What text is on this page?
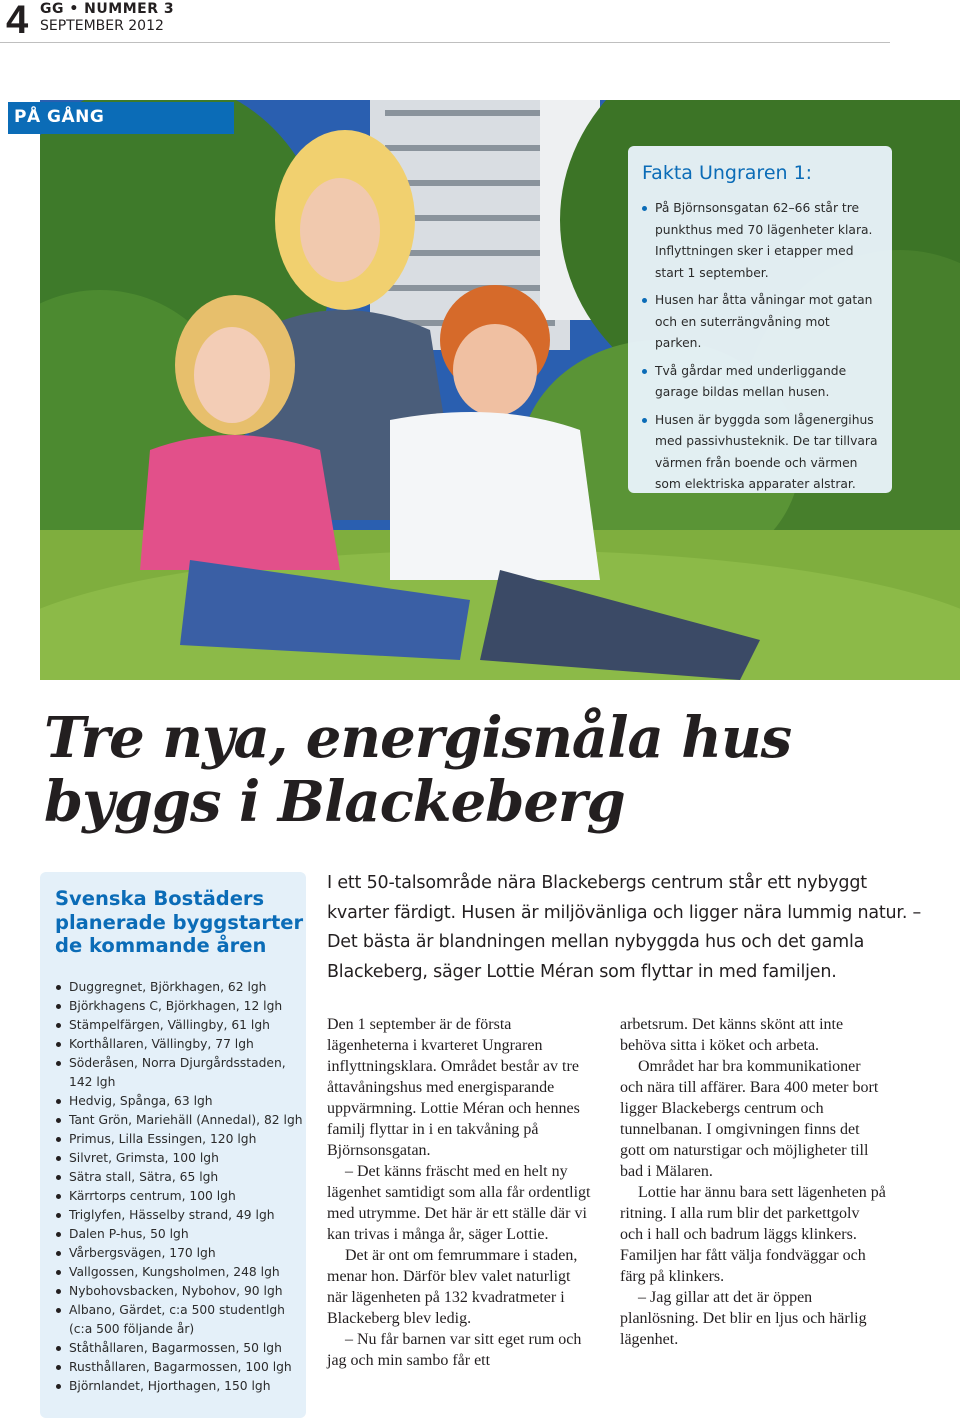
4 GG • NUMMER 3
SEPTEMBER 2012
PÅ GÅNG
Fakta Ungraren 1:
På Björnsonsgatan 62–66 står tre punkthus med 70 lägenheter klara. Inflyttningen sker i etapper med start 1 september.
Husen har åtta våningar mot gatan och en suterrängvåning mot parken.
Två gårdar med underliggande garage bildas mellan husen.
Husen är byggda som lågenergihus med passivhusteknik. De tar tillvara värmen från boende och värmen som elektriska apparater alstrar.
Tre nya, energisnåla hus
byggs i Blackeberg
Svenska Bostäders planerade byggstarter de kommande åren
Duggregnet, Björkhagen, 62 lgh
Björkhagens C, Björkhagen, 12 lgh
Stämpelfärgen, Vällingby, 61 lgh
Korthållaren, Vällingby, 77 lgh
Söderåsen, Norra Djurgårdsstaden, 142 lgh
Hedvig, Spånga, 63 lgh
Tant Grön, Mariehäll (Annedal), 82 lgh
Primus, Lilla Essingen, 120 lgh
Silvret, Grimsta, 100 lgh
Sätra stall, Sätra, 65 lgh
Kärrtorps centrum, 100 lgh
Triglyfen, Hässelby strand, 49 lgh
Dalen P-hus, 50 lgh
Vårbergsvägen, 170 lgh
Vallgossen, Kungsholmen, 248 lgh
Nybohovsbacken, Nybohov, 90 lgh
Albano, Gärdet, c:a 500 studentlgh (c:a 500 följande år)
Ståthållaren, Bagarmossen, 50 lgh
Rusthållaren, Bagarmossen, 100 lgh
Björnlandet, Hjorthagen, 150 lgh
I ett 50-talsområde nära Blackebergs centrum står ett nybyggt kvarter färdigt. Husen är miljövänliga och ligger nära lummig natur. – Det bästa är blandningen mellan nybyggda hus och det gamla Blackeberg, säger Lottie Méran som flyttar in med familjen.

Den 1 september är de första lägenheterna i kvarteret Ungraren inflyttningsklara. Området består av tre åttavåningshus med energisparande uppvärmning. Lottie Méran och hennes familj flyttar in i en takvåning på Björnsonsgatan.

– Det känns fräscht med en helt ny lägenhet samtidigt som alla får ordentligt med utrymme. Det här är ett ställe där vi kan trivas i många år, säger Lottie.

Det är ont om femrummare i staden, menar hon. Därför blev valet naturligt när lägenheten på 132 kvadratmeter i Blackeberg blev ledig.

– Nu får barnen var sitt eget rum och jag och min sambo får ett

arbetsrum. Det känns skönt att inte behöva sitta i köket och arbeta.

Området har bra kommunikationer och nära till affärer. Bara 400 meter bort ligger Blackebergs centrum och tunnelbanan. I omgivningen finns det gott om naturstigar och möjligheter till bad i Mälaren.

Lottie har ännu bara sett lägenheten på ritning. I alla rum blir det parkettgolv och i hall och badrum läggs klinkers. Familjen har fått välja fondväggar och färg på klinkers.

– Jag gillar att det är öppen planlösning. Det blir en ljus och härlig lägenhet.
